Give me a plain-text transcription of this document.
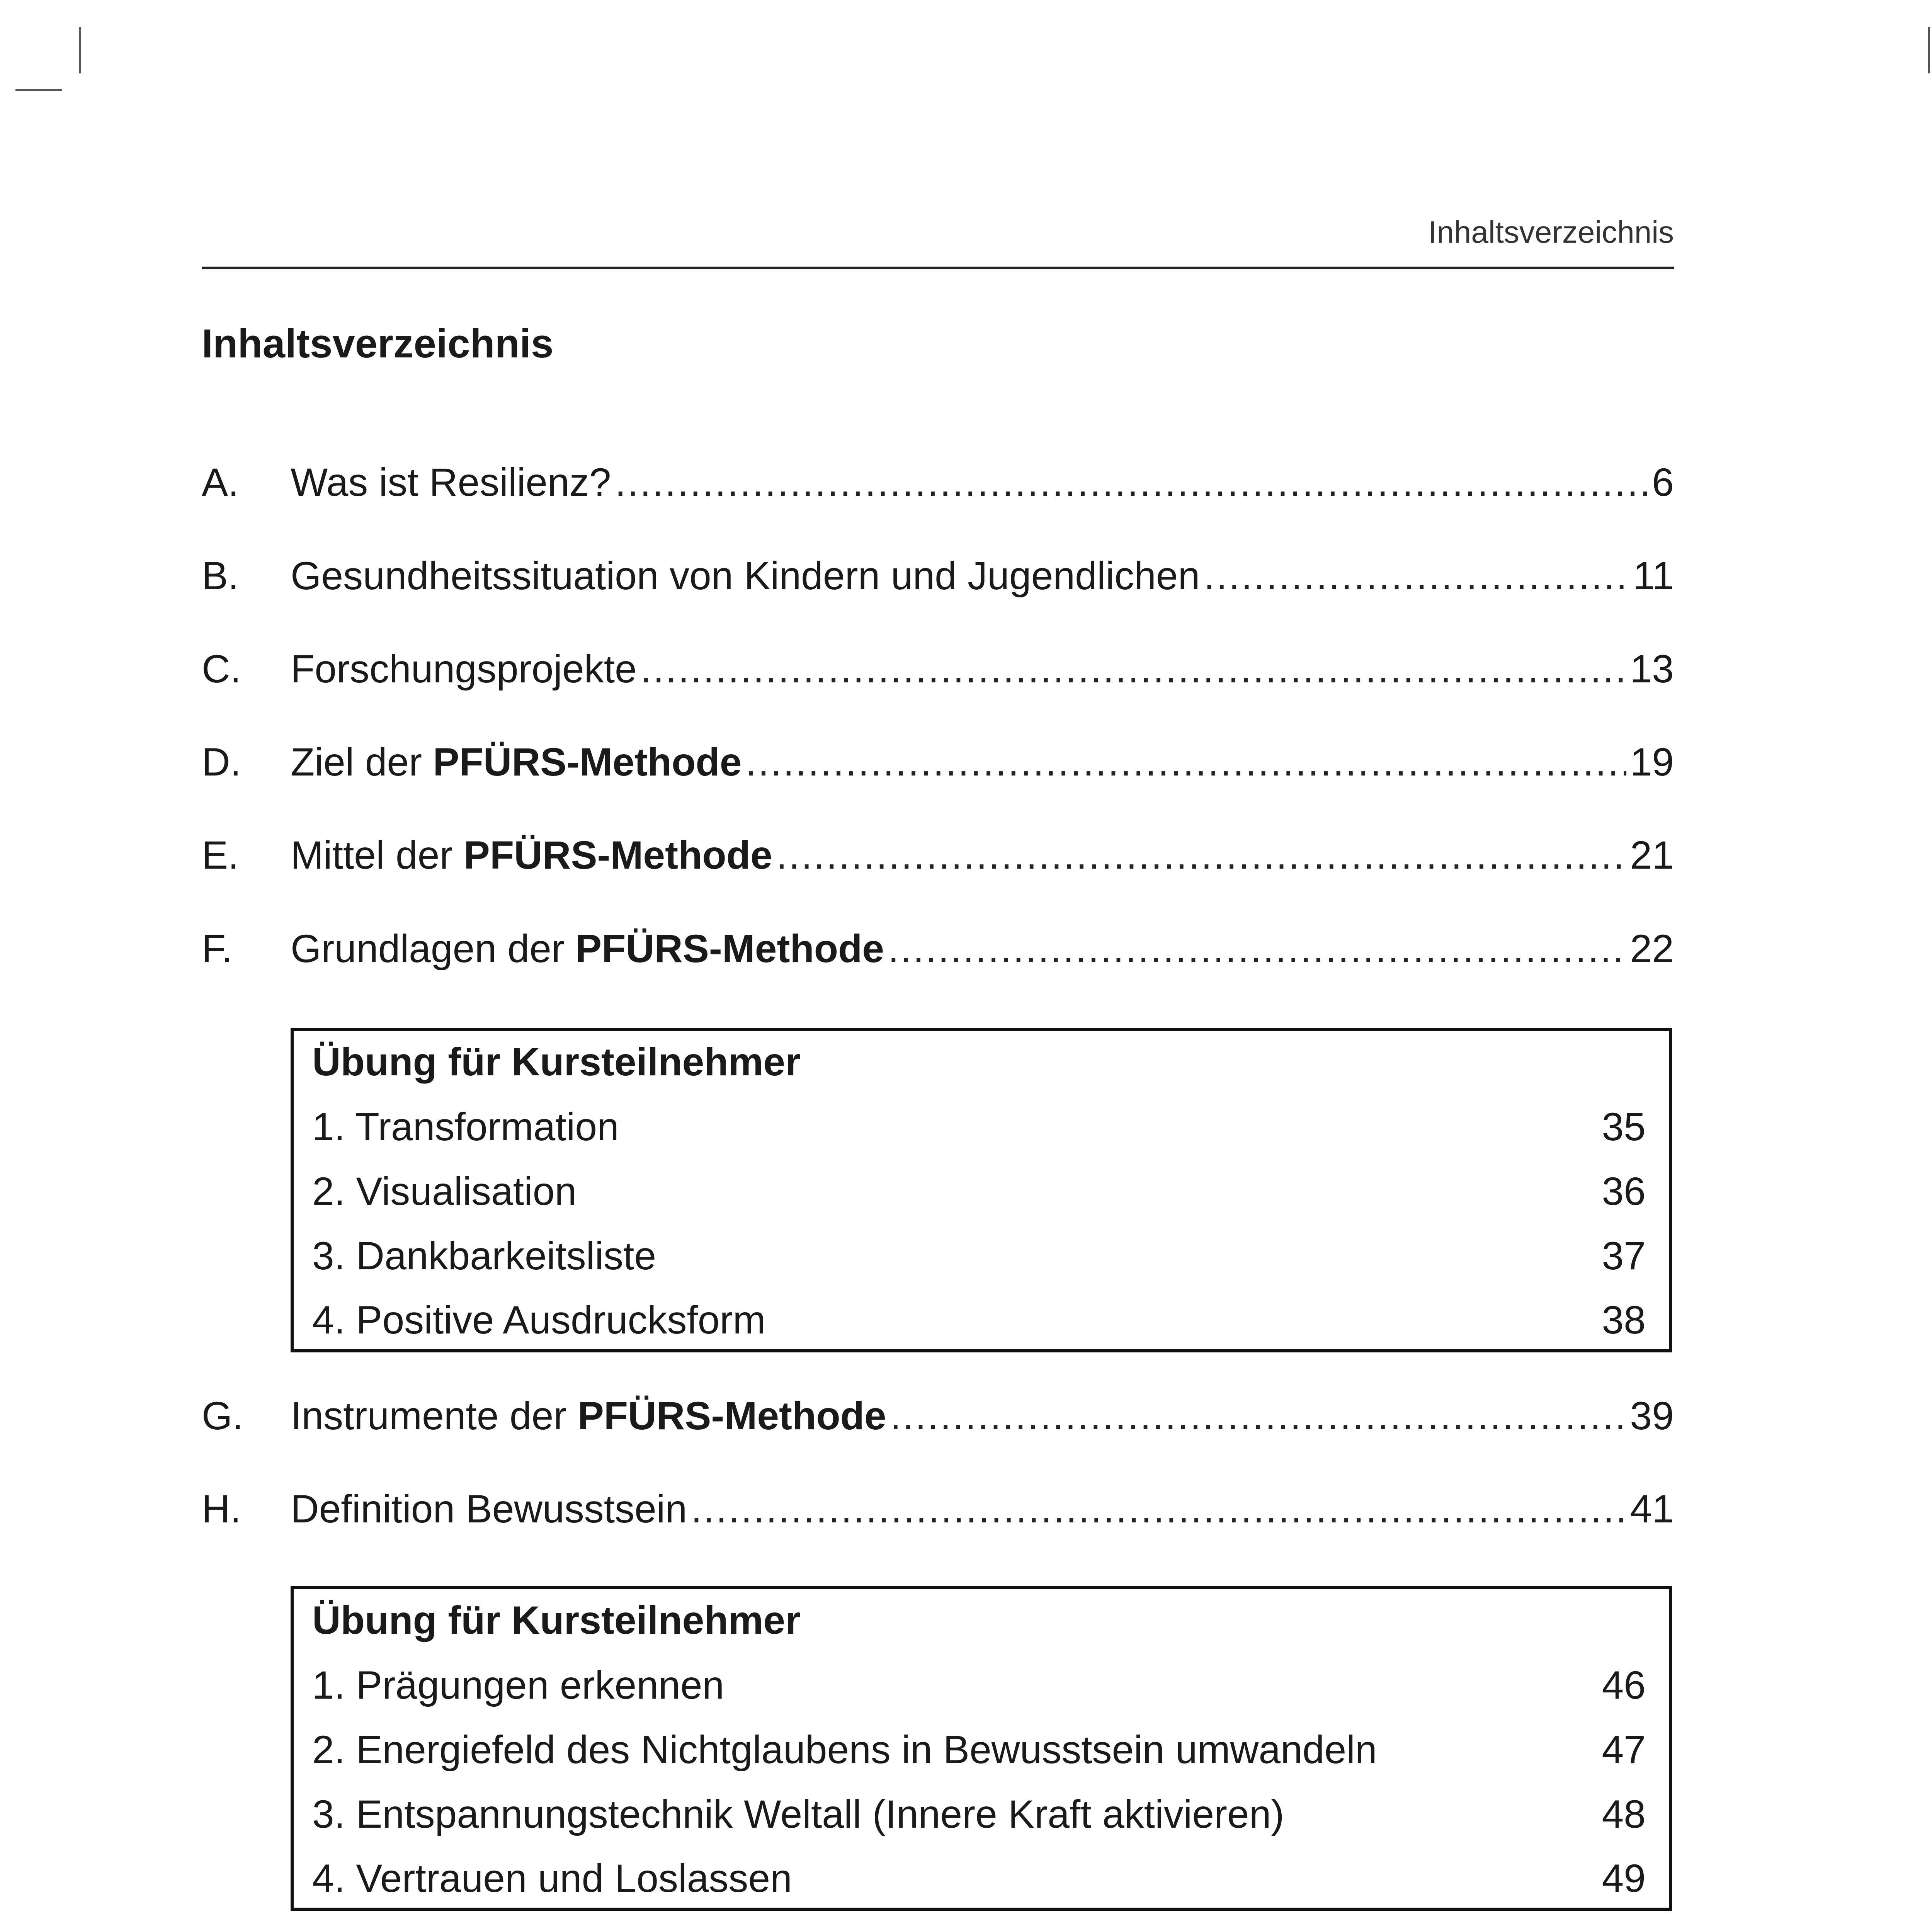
Inhaltsverzeichnis
Inhaltsverzeichnis
A.	Was ist Resilienz? .....	6
B.	Gesundheitssituation von Kindern und Jugendlichen .....	11
C.	Forschungsprojekte .....	13
D.	Ziel der PFÜRS-Methode .....	19
E.	Mittel der PFÜRS-Methode .....	21
F.	Grundlagen der PFÜRS-Methode .....	22
Übung für Kursteilnehmer
1. Transformation	35
2. Visualisation	36
3. Dankbarkeitsliste	37
4. Positive Ausdrucksform	38
G.	Instrumente der PFÜRS-Methode .....	39
H.	Definition Bewusstsein .....	41
Übung für Kursteilnehmer
1. Prägungen erkennen	46
2. Energiefeld des Nichtglaubens in Bewusstsein umwandeln	47
3. Entspannungstechnik Weltall (Innere Kraft aktivieren)	48
4. Vertrauen und Loslassen	49
